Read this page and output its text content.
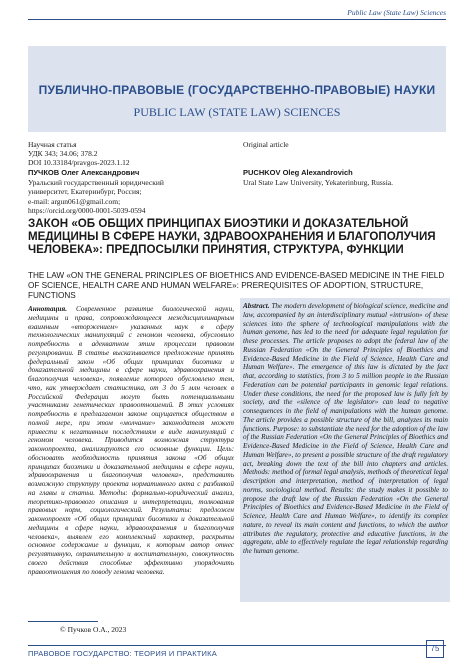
Public Law (State Law) Sciences
ПУБЛИЧНО-ПРАВОВЫЕ (ГОСУДАРСТВЕННО-ПРАВОВЫЕ) НАУКИ
PUBLIC LAW (STATE LAW) SCIENCES
Научная статья
УДК 343; 34.06; 378.2
DOI 10.33184/pravgos-2023.1.12
Original article
ПУЧКОВ Олег Александрович
Уральский государственный юридический
университет, Екатеринбург, Россия;
e-mail: argun061@gmail.com;
https://orcid.org/0000-0001-5039-0594
PUCHKOV Oleg Alexandrovich
Ural State Law University, Yekaterinburg, Russia.
ЗАКОН «ОБ ОБЩИХ ПРИНЦИПАХ БИОЭТИКИ И ДОКАЗАТЕЛЬНОЙ МЕДИЦИНЫ В СФЕРЕ НАУКИ, ЗДРАВООХРАНЕНИЯ И БЛАГОПОЛУЧИЯ ЧЕЛОВЕКА»: ПРЕДПОСЫЛКИ ПРИНЯТИЯ, СТРУКТУРА, ФУНКЦИИ
THE LAW «ON THE GENERAL PRINCIPLES OF BIOETHICS AND EVIDENCE-BASED MEDICINE IN THE FIELD OF SCIENCE, HEALTH CARE AND HUMAN WELFARE»: PREREQUISITES OF ADOPTION, STRUCTURE, FUNCTIONS
Аннотация. Современное развитие биологической науки, медицины и права, сопровождающееся междисциплинарным взаимным «вторжением» указанных наук в сферу технологических манипуляций с геномом человека, обусловило потребность в адекватном этим процессам правовом регулировании. В статье высказывается предложение принять федеральный закон «Об общих принципах биоэтики и доказательной медицины в сфере науки, здравоохранения и благополучия человека», появление которого обусловлено тем, что, как утверждает статистика, от 3 до 5 млн человек в Российской Федерации могут быть потенциальными участниками генетических правоотношений. В этих условиях потребность в предлагаемом законе ощущается обществом в полной мере, при этом «молчание» законодателя может привести к негативным последствиям в виде манипуляций с геномом человека. Приводится возможная структура законопроекта, анализируются его основные функции. Цель: обосновать необходимость принятия закона «Об общих принципах биоэтики и доказательной медицины в сфере науки, здравоохранения и благополучия человека», представить возможную структуру проекта нормативного акта с разбивкой на главы и статьи. Методы: формально-юридический анализ, теоретико-правового описания и интерпретации, толкования правовых норм, социологический. Результаты: предложен законопроект «Об общих принципах биоэтики и доказательной медицины в сфере науки, здравоохранения и благополучия человека», выявлен его комплексный характер, раскрыты основное содержание и функции, к которым автор отнес регулятивную, охранительную и воспитательную, совокупность своего действия способные эффективно упорядочить правоотношения по поводу генома человека.
Abstract. The modern development of biological science, medicine and law, accompanied by an interdisciplinary mutual «intrusion» of these sciences into the sphere of technological manipulations with the human genome, has led to the need for adequate legal regulation for these processes. The article proposes to adopt the federal law of the Russian Federation «On the General Principles of Bioethics and Evidence-Based Medicine in the Field of Science, Health Care and Human Welfare». The emergence of this law is dictated by the fact that, according to statistics, from 3 to 5 million people in the Russian Federation can be potential participants in genomic legal relations. Under these conditions, the need for the proposed law is fully felt by society, and the «silence of the legislator» can lead to negative consequences in the field of manipulations with the human genome. The article provides a possible structure of the bill, analyzes its main functions. Purpose: to substantiate the need for the adoption of the law of the Russian Federation «On the General Principles of Bioethics and Evidence-Based Medicine in the Field of Science, Health Care and Human Welfare», to present a possible structure of the draft regulatory act, breaking down the text of the bill into chapters and articles. Methods: method of formal legal analysis, methods of theoretical legal description and interpretation, method of interpretation of legal norms, sociological method. Results: the study makes it possible to propose the draft law of the Russian Federation «On the General Principles of Bioethics and Evidence-Based Medicine in the Field of Science, Health Care and Human Welfare», to identify its complex nature, to reveal its main content and functions, to which the author attributes the regulatory, protective and educative functions, in the aggregate, able to effectively regulate the legal relationship regarding the human genome.
© Пучков О.А., 2023
ПРАВОВОЕ ГОСУДАРСТВО: ТЕОРИЯ И ПРАКТИКА
75
